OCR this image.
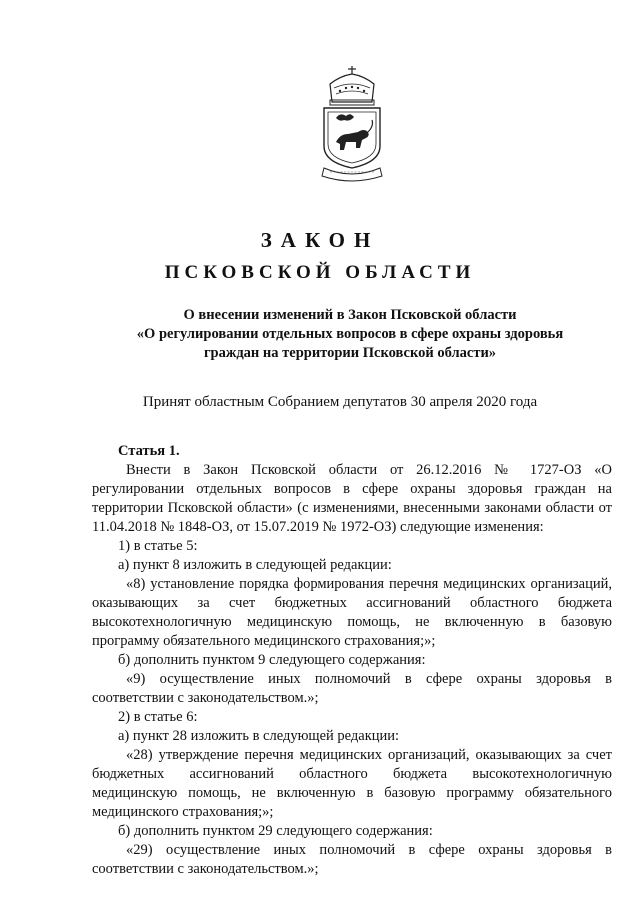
ЗАКОН
ПСКОВСКОЙ ОБЛАСТИ
О внесении изменений в Закон Псковской области
«О регулировании отдельных вопросов в сфере охраны здоровья
граждан на территории Псковской области»
Принят областным Собранием депутатов 30 апреля 2020 года

Статья 1.

Внести в Закон Псковской области от 26.12.2016 № 1727-ОЗ «О регулировании отдельных вопросов в сфере охраны здоровья граждан на территории Псковской области» (с изменениями, внесенными законами области от 11.04.2018 № 1848-ОЗ, от 15.07.2019 № 1972-ОЗ) следующие изменения:

1) в статье 5:

а) пункт 8 изложить в следующей редакции:

«8) установление порядка формирования перечня медицинских организаций, оказывающих за счет бюджетных ассигнований областного бюджета высокотехнологичную медицинскую помощь, не включенную в базовую программу обязательного медицинского страхования;»;

б) дополнить пунктом 9 следующего содержания:

«9) осуществление иных полномочий в сфере охраны здоровья в соответствии с законодательством.»;

2) в статье 6:

а) пункт 28 изложить в следующей редакции:

«28) утверждение перечня медицинских организаций, оказывающих за счет бюджетных ассигнований областного бюджета высокотехнологичную медицинскую помощь, не включенную в базовую программу обязательного медицинского страхования;»;

б) дополнить пунктом 29 следующего содержания:

«29) осуществление иных полномочий в сфере охраны здоровья в соответствии с законодательством.»;
